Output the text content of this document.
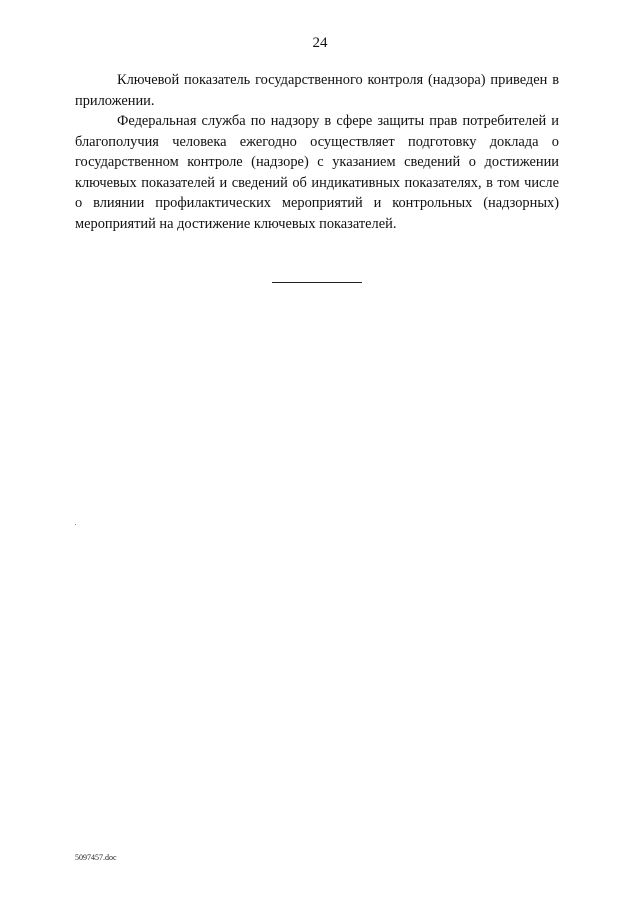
24

Ключевой показатель государственного контроля (надзора) приведен в приложении.

Федеральная служба по надзору в сфере защиты прав потребителей и благополучия человека ежегодно осуществляет подготовку доклада о государственном контроле (надзоре) с указанием сведений о достижении ключевых показателей и сведений об индикативных показателях, в том числе о влиянии профилактических мероприятий и контрольных (надзорных) мероприятий на достижение ключевых показателей.

5097457.doc
